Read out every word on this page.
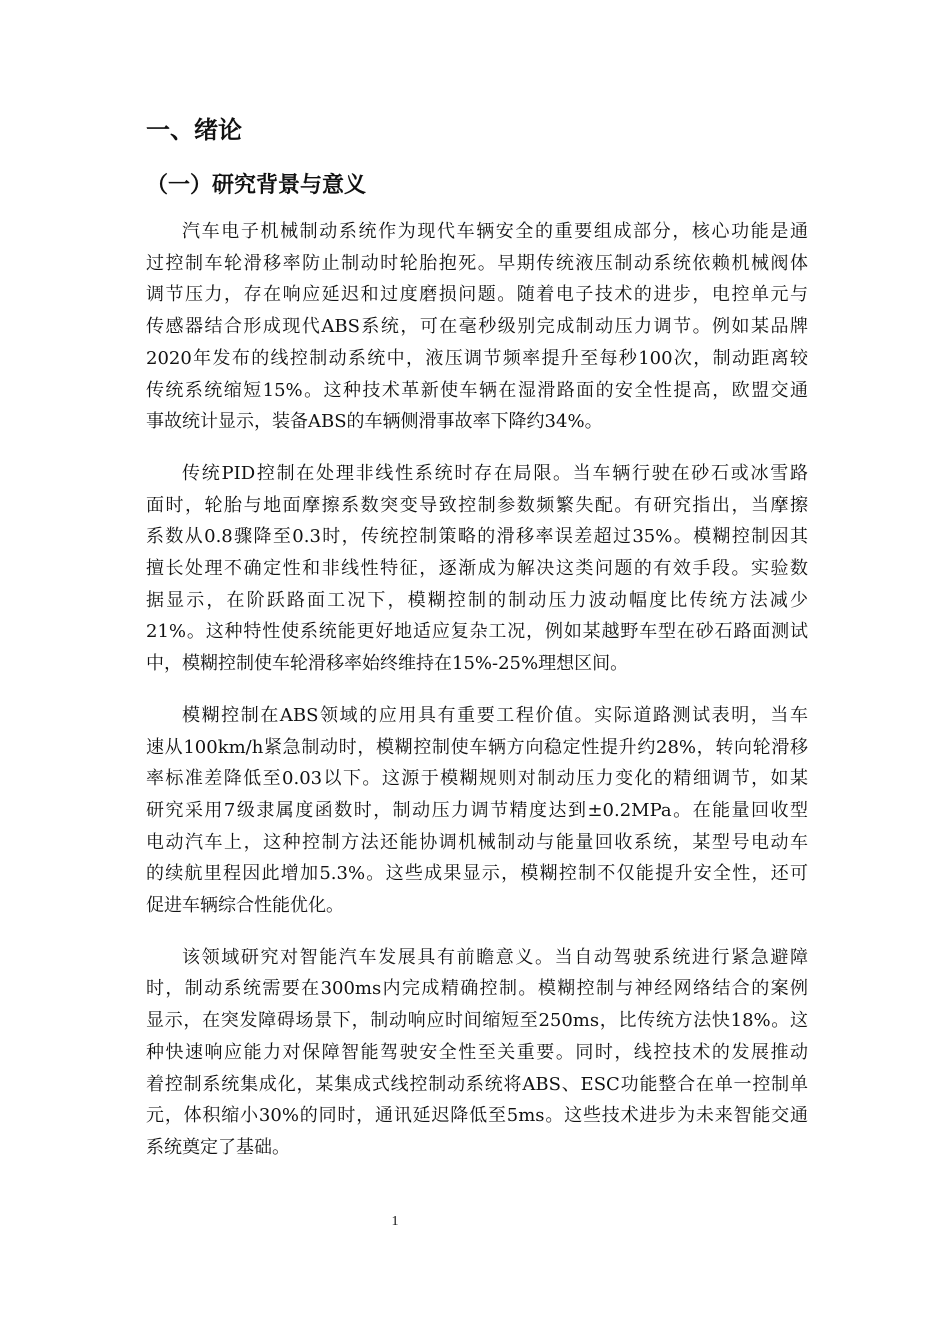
一、绪论
（一）研究背景与意义

汽车电子机械制动系统作为现代车辆安全的重要组成部分，核心功能是通
过控制车轮滑移率防止制动时轮胎抱死。早期传统液压制动系统依赖机械阀体
调节压力，存在响应延迟和过度磨损问题。随着电子技术的进步，电控单元与
传感器结合形成现代ABS系统，可在毫秒级别完成制动压力调节。例如某品牌
2020年发布的线控制动系统中，液压调节频率提升至每秒100次，制动距离较
传统系统缩短15%。这种技术革新使车辆在湿滑路面的安全性提高，欧盟交通
事故统计显示，装备ABS的车辆侧滑事故率下降约34%。

传统PID控制在处理非线性系统时存在局限。当车辆行驶在砂石或冰雪路
面时，轮胎与地面摩擦系数突变导致控制参数频繁失配。有研究指出，当摩擦
系数从0.8骤降至0.3时，传统控制策略的滑移率误差超过35%。模糊控制因其
擅长处理不确定性和非线性特征，逐渐成为解决这类问题的有效手段。实验数
据显示，在阶跃路面工况下，模糊控制的制动压力波动幅度比传统方法减少
21%。这种特性使系统能更好地适应复杂工况，例如某越野车型在砂石路面测试
中，模糊控制使车轮滑移率始终维持在15%-25%理想区间。

模糊控制在ABS领域的应用具有重要工程价值。实际道路测试表明，当车
速从100km/h紧急制动时，模糊控制使车辆方向稳定性提升约28%，转向轮滑移
率标准差降低至0.03以下。这源于模糊规则对制动压力变化的精细调节，如某
研究采用7级隶属度函数时，制动压力调节精度达到±0.2MPa。在能量回收型
电动汽车上，这种控制方法还能协调机械制动与能量回收系统，某型号电动车
的续航里程因此增加5.3%。这些成果显示，模糊控制不仅能提升安全性，还可
促进车辆综合性能优化。

该领域研究对智能汽车发展具有前瞻意义。当自动驾驶系统进行紧急避障
时，制动系统需要在300ms内完成精确控制。模糊控制与神经网络结合的案例
显示，在突发障碍场景下，制动响应时间缩短至250ms，比传统方法快18%。这
种快速响应能力对保障智能驾驶安全性至关重要。同时，线控技术的发展推动
着控制系统集成化，某集成式线控制动系统将ABS、ESC功能整合在单一控制单
元，体积缩小30%的同时，通讯延迟降低至5ms。这些技术进步为未来智能交通
系统奠定了基础。

1
